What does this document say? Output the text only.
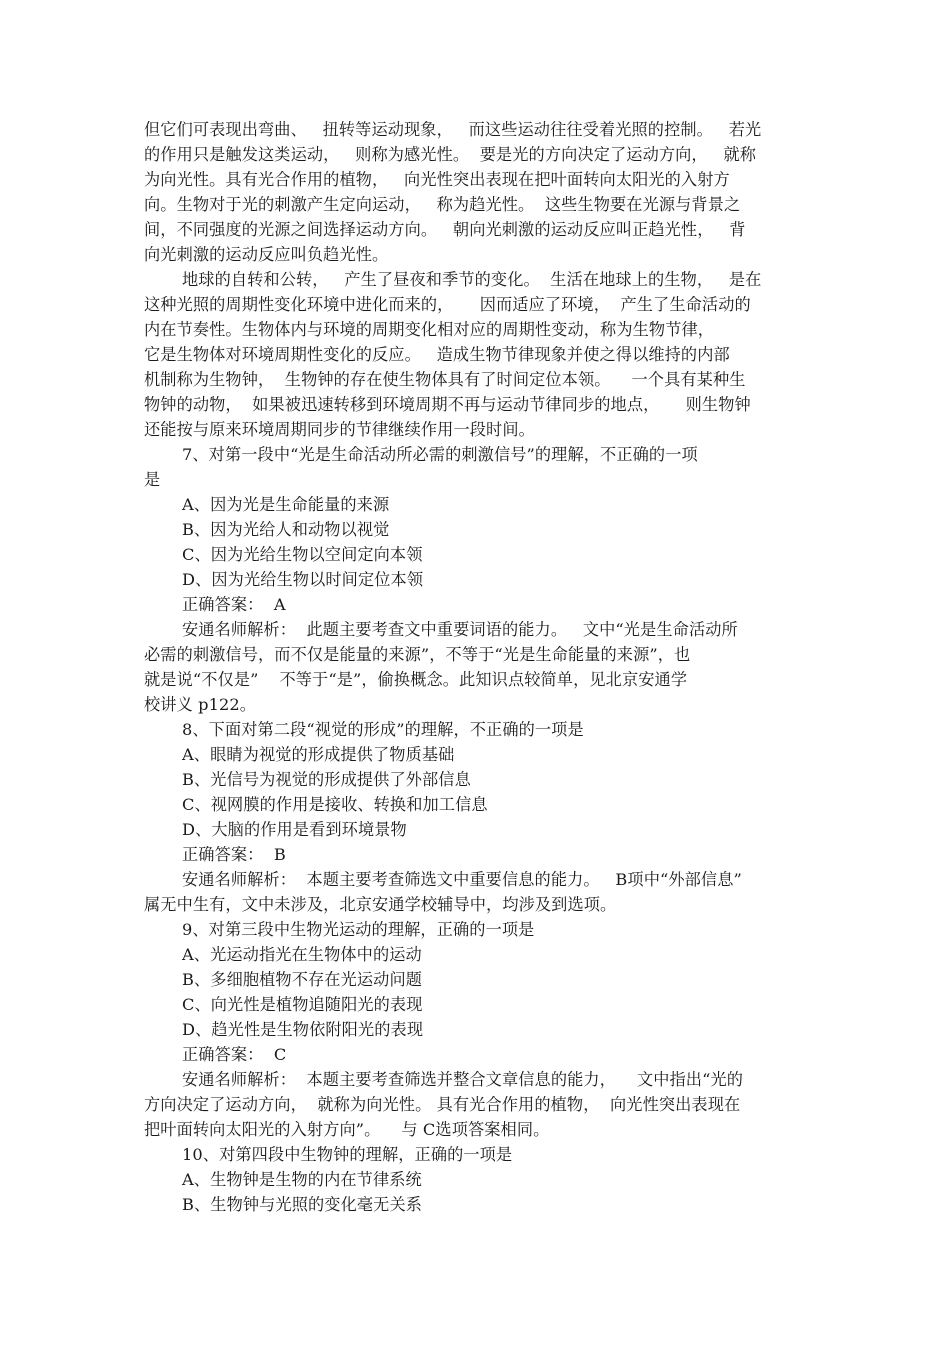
但它们可表现出弯曲、   扭转等运动现象，   而这些运动往往受着光照的控制。   若光
的作用只是触发这类运动，   则称为感光性。  要是光的方向决定了运动方向，   就称
为向光性。具有光合作用的植物，   向光性突出表现在把叶面转向太阳光的入射方
向。生物对于光的刺激产生定向运动，   称为趋光性。  这些生物要在光源与背景之
间，不同强度的光源之间选择运动方向。   朝向光刺激的运动反应叫正趋光性，   背
向光刺激的运动反应叫负趋光性。
地球的自转和公转，   产生了昼夜和季节的变化。  生活在地球上的生物，   是在
这种光照的周期性变化环境中进化而来的，     因而适应了环境，  产生了生命活动的
内在节奏性。生物体内与环境的周期变化相对应的周期性变动，称为生物节律，
它是生物体对环境周期性变化的反应。   造成生物节律现象并使之得以维持的内部
机制称为生物钟，  生物钟的存在使生物体具有了时间定位本领。    一个具有某种生
物钟的动物，  如果被迅速转移到环境周期不再与运动节律同步的地点，     则生物钟
还能按与原来环境周期同步的节律继续作用一段时间。
7、对第一段中“光是生命活动所必需的刺激信号”的理解，不正确的一项
是
A、因为光是生命能量的来源
B、因为光给人和动物以视觉
C、因为光给生物以空间定向本领
D、因为光给生物以时间定位本领
正确答案：  A
安通名师解析：  此题主要考查文中重要词语的能力。   文中“光是生命活动所
必需的刺激信号，而不仅是能量的来源”，不等于“光是生命能量的来源”，也
就是说“不仅是”    不等于“是”，偷换概念。此知识点较简单，见北京安通学
校讲义 p122。
8、下面对第二段“视觉的形成”的理解，不正确的一项是
A、眼睛为视觉的形成提供了物质基础
B、光信号为视觉的形成提供了外部信息
C、视网膜的作用是接收、转换和加工信息
D、大脑的作用是看到环境景物
正确答案：  B
安通名师解析：  本题主要考查筛选文中重要信息的能力。   B项中“外部信息”
属无中生有，文中未涉及，北京安通学校辅导中，均涉及到选项。
9、对第三段中生物光运动的理解，正确的一项是
A、光运动指光在生物体中的运动
B、多细胞植物不存在光运动问题
C、向光性是植物追随阳光的表现
D、趋光性是生物依附阳光的表现
正确答案：  C
安通名师解析：  本题主要考查筛选并整合文章信息的能力，    文中指出“光的
方向决定了运动方向，  就称为向光性。 具有光合作用的植物，  向光性突出表现在
把叶面转向太阳光的入射方向”。    与 C选项答案相同。
10、对第四段中生物钟的理解，正确的一项是
A、生物钟是生物的内在节律系统
B、生物钟与光照的变化毫无关系
